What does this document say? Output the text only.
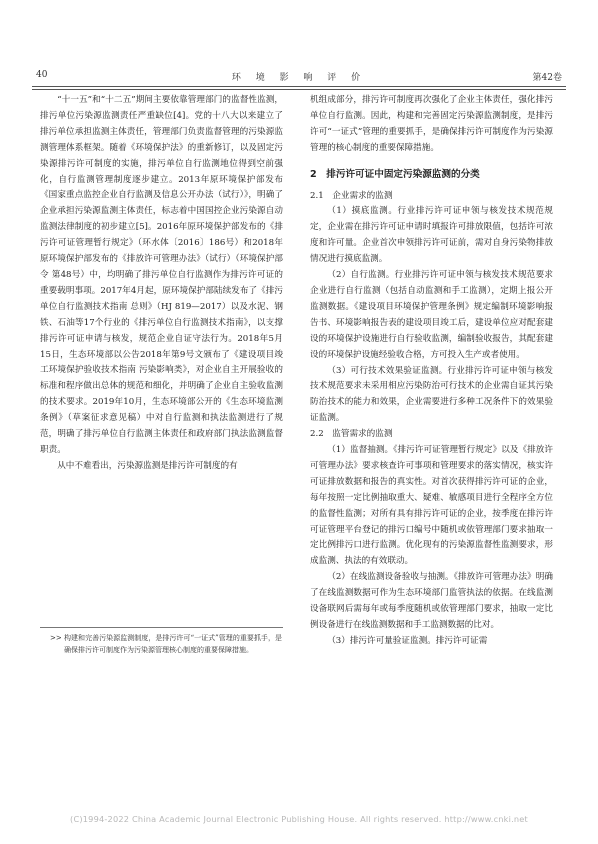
40	环 境 影 响 评 价	第42卷

“十一五”和“十二五”期间主要依靠管理部门的监督性监测，排污单位污染源监测责任严重缺位[4]。党的十八大以来建立了排污单位承担监测主体责任，管理部门负责监督管理的污染源监测管理体系框架。随着《环境保护法》的重新修订，以及固定污染源排污许可制度的实施，排污单位自行监测地位得到空前强化，自行监测管理制度逐步建立。2013年原环境保护部发布《国家重点监控企业自行监测及信息公开办法（试行）》，明确了企业承担污染源监测主体责任，标志着中国国控企业污染源自动监测法律制度的初步建立[5]。2016年原环境保护部发布的《排污许可证管理暂行规定》（环水体〔2016〕186号）和2018年原环境保护部发布的《排放许可管理办法》（试行）（环境保护部令 第48号）中，均明确了排污单位自行监测作为排污许可证的重要载明事项。2017年4月起，原环境保护部陆续发布了《排污单位自行监测技术指南 总则》（HJ 819—2017）以及水泥、钢铁、石油等17个行业的《排污单位自行监测技术指南》，以支撑排污许可证申请与核发，规范企业自证守法行为。2018年5月15日，生态环境部以公告2018年第9号文颁布了《建设项目竣工环境保护验收技术指南 污染影响类》，对企业自主开展验收的标准和程序做出总体的规范和细化，并明确了企业自主验收监测的技术要求。2019年10月，生态环境部公开的《生态环境监测条例》（草案征求意见稿）中对自行监测和执法监测进行了规范，明确了排污单位自行监测主体责任和政府部门执法监测监督职责。

从中不难看出，污染源监测是排污许可制度的有

>> 构建和完善污染源监测制度，是排污许可“一证式”管理的重要抓手，是确保排污许可制度作为污染源管理核心制度的重要保障措施。

机组成部分，排污许可制度再次强化了企业主体责任，强化排污单位自行监测。因此，构建和完善固定污染源监测制度，是排污许可“一证式”管理的重要抓手，是确保排污许可制度作为污染源管理的核心制度的重要保障措施。

2　排污许可证中固定污染源监测的分类
2.1　企业需求的监测

（1）摸底监测。行业排污许可证申领与核发技术规范规定，企业需在排污许可证申请时填报许可排放限值，包括许可浓度和许可量。企业首次申领排污许可证前，需对自身污染物排放情况进行摸底监测。

（2）自行监测。行业排污许可证申领与核发技术规范要求企业进行自行监测（包括自动监测和手工监测），定期上报公开监测数据。《建设项目环境保护管理条例》规定编制环境影响报告书、环境影响报告表的建设项目竣工后，建设单位应对配套建设的环境保护设施进行自行验收监测，编制验收报告，其配套建设的环境保护设施经验收合格，方可投入生产或者使用。

（3）可行技术效果验证监测。行业排污许可证申领与核发技术规范要求未采用相应污染防治可行技术的企业需自证其污染防治技术的能力和效果，企业需要进行多种工况条件下的效果验证监测。

2.2　监管需求的监测

（1）监督抽测。《排污许可证管理暂行规定》以及《排放许可管理办法》要求核查许可事项和管理要求的落实情况，核实许可证排放数据和报告的真实性。对首次获得排污许可证的企业，每年按照一定比例抽取重大、疑难、敏感项目进行全程序全方位的监督性监测；对所有具有排污许可证的企业，按季度在排污许可证管理平台登记的排污口编号中随机或依管理部门要求抽取一定比例排污口进行监测。优化现有的污染源监督性监测要求，形成监测、执法的有效联动。

（2）在线监测设备验收与抽测。《排放许可管理办法》明确了在线监测数据可作为生态环境部门监管执法的依据。在线监测设备联网后需每年或每季度随机或依管理部门要求，抽取一定比例设备进行在线监测数据和手工监测数据的比对。

（3）排污许可量验证监测。排污许可证需

(C)1994-2022 China Academic Journal Electronic Publishing House. All rights reserved. http://www.cnki.net
